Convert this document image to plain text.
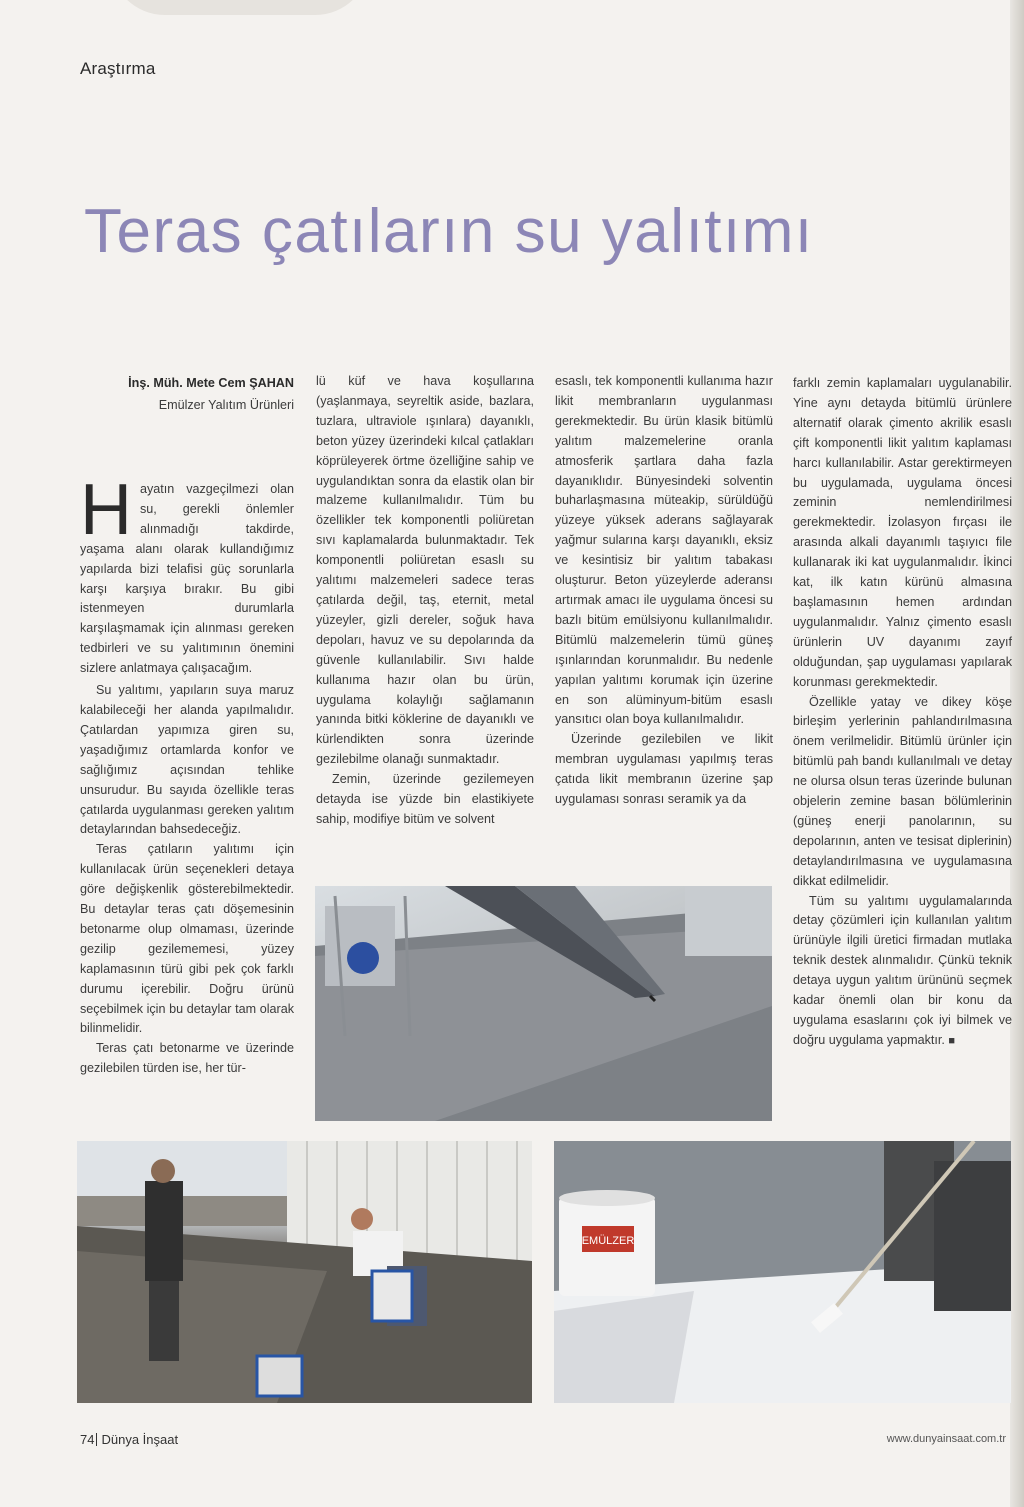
Araştırma
Teras çatıların su yalıtımı
İnş. Müh. Mete Cem ŞAHAN
Emülzer Yalıtım Ürünleri

Hayatın vazgeçilmezi olan su, gerekli önlemler alınmadığı takdirde, yaşama alanı olarak kullandığımız yapılarda bizi telafisi güç sorunlarla karşı karşıya bırakır. Bu gibi istenmeyen durumlarla karşılaşmamak için alınması gereken tedbirleri ve su yalıtımının önemini sizlere anlatmaya çalışacağım.

Su yalıtımı, yapıların suya maruz kalabileceği her alanda yapılmalıdır. Çatılardan yapımıza giren su, yaşadığımız ortamlarda konfor ve sağlığımız açısından tehlike unsurudur. Bu sayıda özellikle teras çatılarda uygulanması gereken yalıtım detaylarından bahsedeceğiz.

Teras çatıların yalıtımı için kullanılacak ürün seçenekleri detaya göre değişkenlik gösterebilmektedir. Bu detaylar teras çatı döşemesinin betonarme olup olmaması, üzerinde gezilip gezilememesi, yüzey kaplamasının türü gibi pek çok farklı durumu içerebilir. Doğru ürünü seçebilmek için bu detaylar tam olarak bilinmelidir.

Teras çatı betonarme ve üzerinde gezilebilen türden ise, her tür-

lü küf ve hava koşullarına (yaşlanmaya, seyreltik aside, bazlara, tuzlara, ultraviole ışınlara) dayanıklı, beton yüzey üzerindeki kılcal çatlakları köprüleyerek örtme özelliğine sahip ve uygulandıktan sonra da elastik olan bir malzeme kullanılmalıdır. Tüm bu özellikler tek komponentli poliüretan sıvı kaplamalarda bulunmaktadır. Tek komponentli poliüretan esaslı su yalıtımı malzemeleri sadece teras çatılarda değil, taş, eternit, metal yüzeyler, gizli dereler, soğuk hava depoları, havuz ve su depolarında da güvenle kullanılabilir. Sıvı halde kullanıma hazır olan bu ürün, uygulama kolaylığı sağlamanın yanında bitki köklerine de dayanıklı ve kürlendikten sonra üzerinde gezilebilme olanağı sunmaktadır.

Zemin, üzerinde gezilemeyen detayda ise yüzde bin elastikiyete sahip, modifiye bitüm ve solvent

esaslı, tek komponentli kullanıma hazır likit membranların uygulanması gerekmektedir. Bu ürün klasik bitümlü yalıtım malzemelerine oranla atmosferik şartlara daha fazla dayanıklıdır. Bünyesindeki solventin buharlaşmasına müteakip, sürüldüğü yüzeye yüksek aderans sağlayarak yağmur sularına karşı dayanıklı, eksiz ve kesintisiz bir yalıtım tabakası oluşturur. Beton yüzeylerde aderansı artırmak amacı ile uygulama öncesi su bazlı bitüm emülsiyonu kullanılmalıdır. Bitümlü malzemelerin tümü güneş ışınlarından korunmalıdır. Bu nedenle yapılan yalıtımı korumak için üzerine en son alüminyum-bitüm esaslı yansıtıcı olan boya kullanılmalıdır.

Üzerinde gezilebilen ve likit membran uygulaması yapılmış teras çatıda likit membranın üzerine şap uygulaması sonrası seramik ya da

farklı zemin kaplamaları uygulanabilir. Yine aynı detayda bitümlü ürünlere alternatif olarak çimento akrilik esaslı çift komponentli likit yalıtım kaplaması harcı kullanılabilir. Astar gerektirmeyen bu uygulamada, uygulama öncesi zeminin nemlendirilmesi gerekmektedir. İzolasyon fırçası ile arasında alkali dayanımlı taşıyıcı file kullanarak iki kat uygulanmalıdır. İkinci kat, ilk katın kürünü almasına başlamasının hemen ardından uygulanmalıdır. Yalnız çimento esaslı ürünlerin UV dayanımı zayıf olduğundan, şap uygulaması yapılarak korunması gerekmektedir.

Özellikle yatay ve dikey köşe birleşim yerlerinin pahlandırılmasına önem verilmelidir. Bitümlü ürünler için bitümlü pah bandı kullanılmalı ve detay ne olursa olsun teras üzerinde bulunan objelerin zemine basan bölümlerinin (güneş enerji panolarının, su depolarının, anten ve tesisat diplerinin) detaylandırılmasına ve uygulamasına dikkat edilmelidir.

Tüm su yalıtımı uygulamalarında detay çözümleri için kullanılan yalıtım ürünüyle ilgili üretici firmadan mutlaka teknik destek alınmalıdır. Çünkü teknik detaya uygun yalıtım ürününü seçmek kadar önemli olan bir konu da uygulama esaslarını çok iyi bilmek ve doğru uygulama yapmaktır. ■

EMÜLZER
74 Dünya İnşaat	www.dunyainsaat.com.tr
